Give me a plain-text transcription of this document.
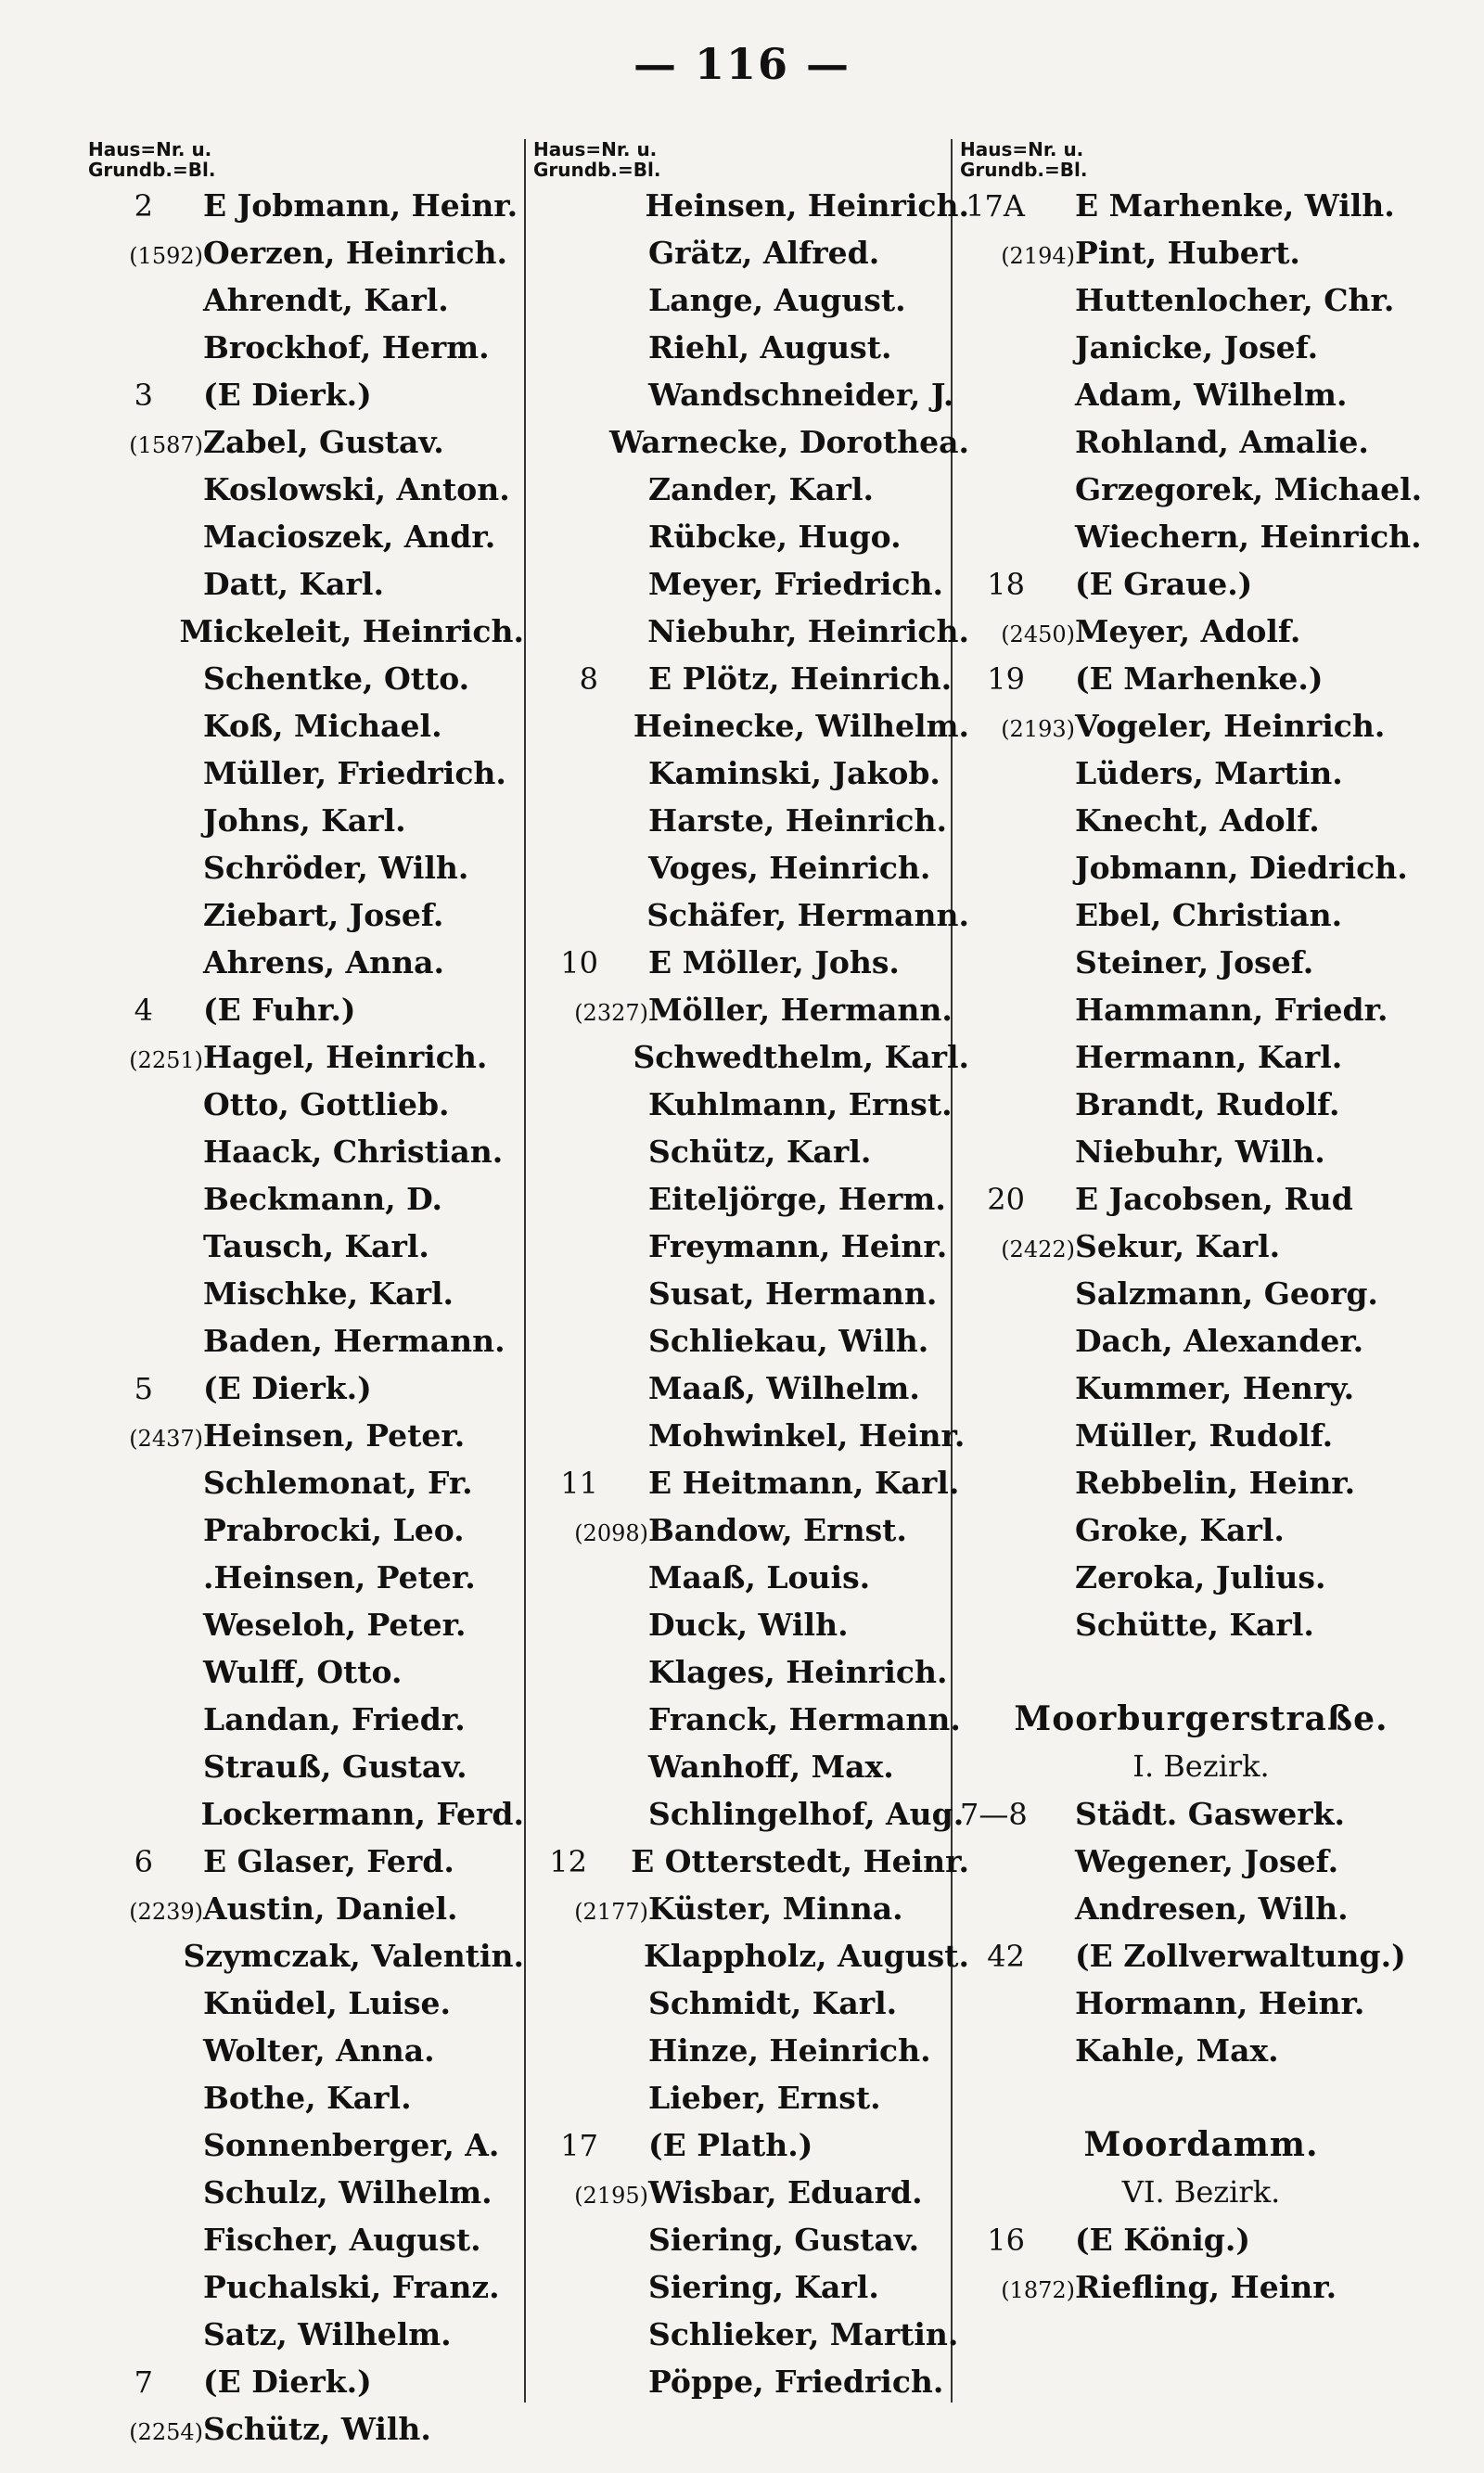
— 116 —
Haus=Nr. u.
Grundb.=Bl.
2	E Jobmann, Heinr.
(1592) Oerzen, Heinrich.
Ahrendt, Karl.
Brockhof, Herm.
3	(E Dierk.)
(1587) Zabel, Gustav.
Koslowski, Anton.
Macioszek, Andr.
Datt, Karl.
Mickeleit, Heinrich.
Schentke, Otto.
Koß, Michael.
Müller, Friedrich.
Johns, Karl.
Schröder, Wilh.
Ziebart, Josef.
Ahrens, Anna.
4	(E Fuhr.)
(2251) Hagel, Heinrich.
Otto, Gottlieb.
Haack, Christian.
Beckmann, D.
Tausch, Karl.
Mischke, Karl.
Baden, Hermann.
5	(E Dierk.)
(2437) Heinsen, Peter.
Schlemonat, Fr.
Prabrocki, Leo.
.Heinsen, Peter.
Weseloh, Peter.
Wulff, Otto.
Landan, Friedr.
Strauß, Gustav.
Lockermann, Ferd.
6	E Glaser, Ferd.
(2239) Austin, Daniel.
Szymczak, Valentin.
Knüdel, Luise.
Wolter, Anna.
Bothe, Karl.
Sonnenberger, A.
Schulz, Wilhelm.
Fischer, August.
Puchalski, Franz.
Satz, Wilhelm.
7	(E Dierk.)
(2254) Schütz, Wilh.
Haus=Nr. u.
Grundb.=Bl.
Heinsen, Heinrich.
Grätz, Alfred.
Lange, August.
Riehl, August.
Wandschneider, J.
Warnecke, Dorothea.
Zander, Karl.
Rübcke, Hugo.
Meyer, Friedrich.
Niebuhr, Heinrich.
8	E Plötz, Heinrich.
Heinecke, Wilhelm.
Kaminski, Jakob.
Harste, Heinrich.
Voges, Heinrich.
Schäfer, Hermann.
10	E Möller, Johs.
(2327) Möller, Hermann.
Schwedthelm, Karl.
Kuhlmann, Ernst.
Schütz, Karl.
Eiteljörge, Herm.
Freymann, Heinr.
Susat, Hermann.
Schliekau, Wilh.
Maaß, Wilhelm.
Mohwinkel, Heinr.
11	E Heitmann, Karl.
(2098) Bandow, Ernst.
Maaß, Louis.
Duck, Wilh.
Klages, Heinrich.
Franck, Hermann.
Wanhoff, Max.
Schlingelhof, Aug.
12	E Otterstedt, Heinr.
(2177) Küster, Minna.
Klappholz, August.
Schmidt, Karl.
Hinze, Heinrich.
Lieber, Ernst.
17	(E Plath.)
(2195) Wisbar, Eduard.
Siering, Gustav.
Siering, Karl.
Schlieker, Martin.
Pöppe, Friedrich.
Haus=Nr. u.
Grundb.=Bl.
17A	E Marhenke, Wilh.
(2194) Pint, Hubert.
Huttenlocher, Chr.
Janicke, Josef.
Adam, Wilhelm.
Rohland, Amalie.
Grzegorek, Michael.
Wiechern, Heinrich.
18	(E Graue.)
(2450) Meyer, Adolf.
19	(E Marhenke.)
(2193) Vogeler, Heinrich.
Lüders, Martin.
Knecht, Adolf.
Jobmann, Diedrich.
Ebel, Christian.
Steiner, Josef.
Hammann, Friedr.
Hermann, Karl.
Brandt, Rudolf.
Niebuhr, Wilh.
20	E Jacobsen, Rud
(2422) Sekur, Karl.
Salzmann, Georg.
Dach, Alexander.
Kummer, Henry.
Müller, Rudolf.
Rebbelin, Heinr.
Groke, Karl.
Zeroka, Julius.
Schütte, Karl.
Moorburgerstraße.
I. Bezirk.
7—8	Städt. Gaswerk.
Wegener, Josef.
Andresen, Wilh.
42	(E Zollverwaltung.)
Hormann, Heinr.
Kahle, Max.
Moordamm.
VI. Bezirk.
16	(E König.)
(1872) Riefling, Heinr.
